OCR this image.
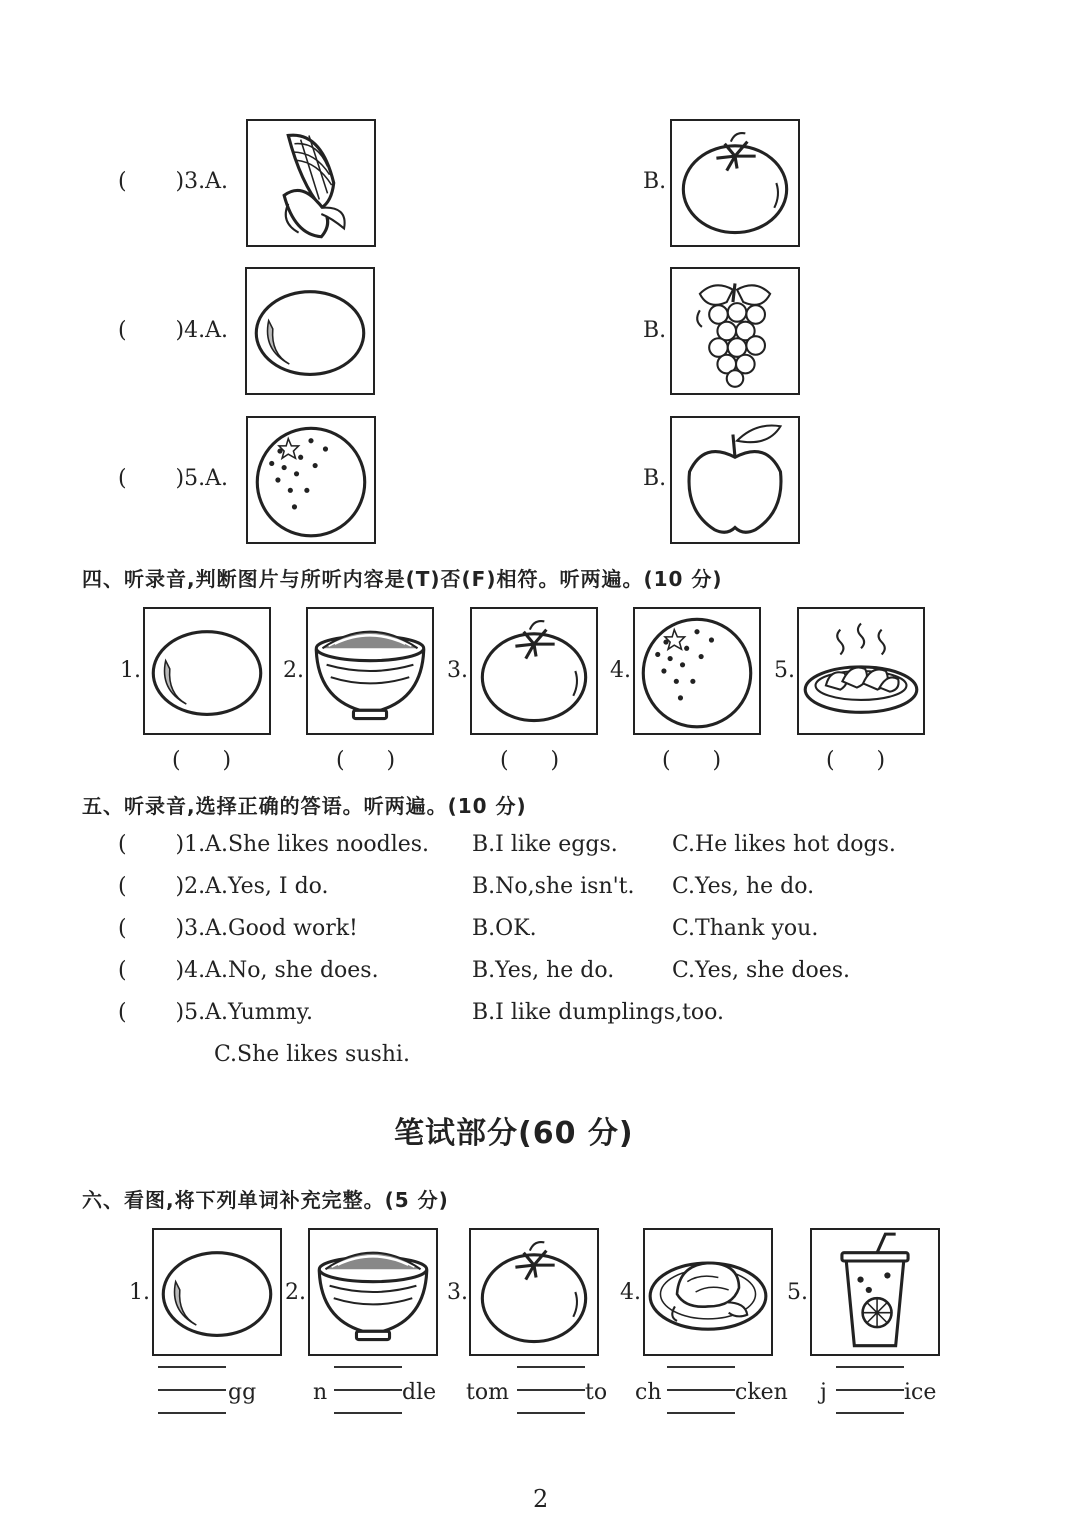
(       )3.A.	B.
(       )4.A.	B.
(       )5.A.	B.
四、听录音,判断图片与所听内容是(T)否(F)相符。听两遍。(10 分)
1.	2.	3.	4.	5.
(      )	(      )	(      )	(      )	(      )
五、听录音,选择正确的答语。听两遍。(10 分)
(       )1.A.She likes noodles. B.I like eggs. C.He likes hot dogs.
(       )2.A.Yes, I do.	B.No,she isn't. C.Yes, he do.
(       )3.A.Good work!	B.OK.	C.Thank you.
(       )4.A.No, she does.	B.Yes, he do.	C.Yes, she does.
(       )5.A.Yummy.	B.I like dumplings,too.
C.She likes sushi.
笔试部分(60 分)
六、看图,将下列单词补充完整。(5 分)
1.	2.	3.	4.	5.
gg	n	dle tom	to ch	cken j	ice
2
